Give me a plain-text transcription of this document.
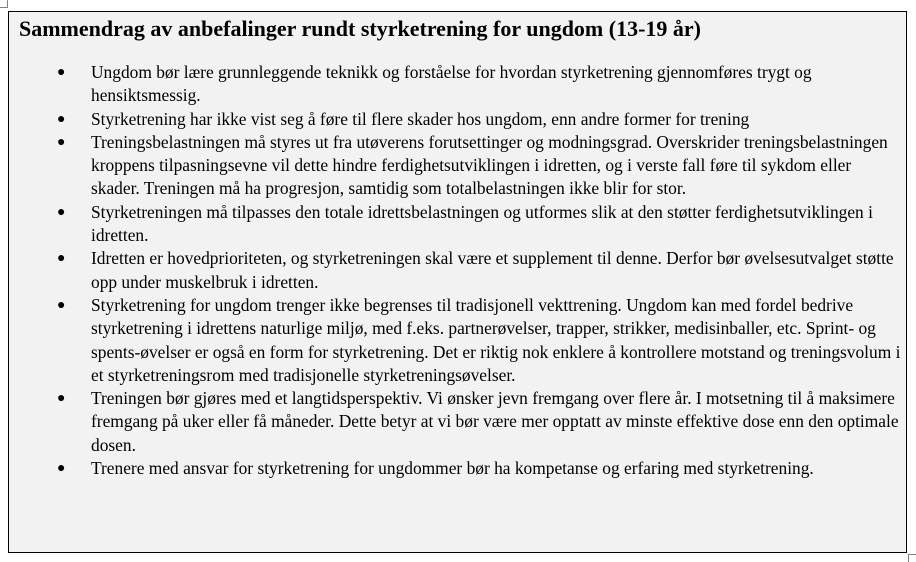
Sammendrag av anbefalinger rundt styrketrening for ungdom (13-19 år)
● Ungdom bør lære grunnleggende teknikk og forståelse for hvordan styrketrening gjennomføres trygt og hensiktsmessig.
● Styrketrening har ikke vist seg å føre til flere skader hos ungdom, enn andre former for trening
● Treningsbelastningen må styres ut fra utøverens forutsettinger og modningsgrad. Overskrider treningsbelastningen kroppens tilpasningsevne vil dette hindre ferdighetsutviklingen i idretten, og i verste fall føre til sykdom eller skader. Treningen må ha progresjon, samtidig som totalbelastningen ikke blir for stor.
● Styrketreningen må tilpasses den totale idrettsbelastningen og utformes slik at den støtter ferdighetsutviklingen i idretten.
● Idretten er hovedprioriteten, og styrketreningen skal være et supplement til denne. Derfor bør øvelsesutvalget støtte opp under muskelbruk i idretten.
● Styrketrening for ungdom trenger ikke begrenses til tradisjonell vekttrening. Ungdom kan med fordel bedrive styrketrening i idrettens naturlige miljø, med f.eks. partnerøvelser, trapper, strikker, medisinballer, etc. Sprint- og spents-øvelser er også en form for styrketrening. Det er riktig nok enklere å kontrollere motstand og treningsvolum i et styrketreningsrom med tradisjonelle styrketreningsøvelser.
● Treningen bør gjøres med et langtidsperspektiv. Vi ønsker jevn fremgang over flere år. I motsetning til å maksimere fremgang på uker eller få måneder. Dette betyr at vi bør være mer opptatt av minste effektive dose enn den optimale dosen.
● Trenere med ansvar for styrketrening for ungdommer bør ha kompetanse og erfaring med styrketrening.
